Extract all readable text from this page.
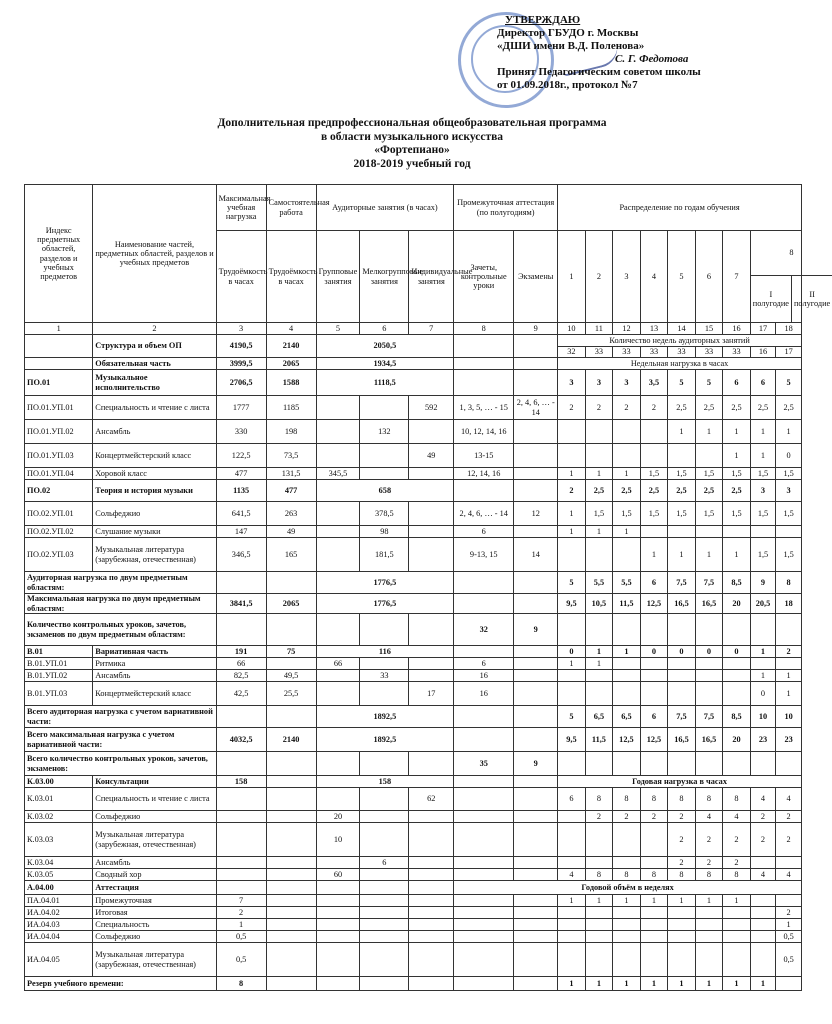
УТВЕРЖДАЮ
Директор ГБУДО г. Москвы
«ДШИ имени В.Д. Поленова»
С. Г. Федотова
Принят Педагогическим советом школы
от 01.09.2018г., протокол №7
Дополнительная предпрофессиональная общеобразовательная программа
в области музыкального искусства
«Фортепиано»
2018-2019 учебный год
Индекс предметных областей, разделов и учебных предметов	Наименование частей, предметных областей, разделов и учебных предметов	Максимальная учебная нагрузка	Самостоятельная работа	Аудиторные занятия (в часах)	Промежуточная аттестация (по полугодиям)	Распределение по годам обучения
Трудоёмкость в часах	Трудоёмкость в часах	Групповые занятия	Мелкогрупповые занятия	Индивидуальные занятия	Зачеты, контрольные уроки	Экзамены	1	2	3	4	5	6	7	
8
I полугодие	II полугодие

1	2	3	4	5	6	7	8	9	10	11	12	13	14	15	16	17	18
	Структура и объем ОП	4190,5	2140	2050,5			Количество недель аудиторных занятий
32	33	33	33	33	33	33	16	17
	Обязательная часть	3999,5	2065	1934,5			Недельная нагрузка в часах
ПО.01	Музыкальное исполнительство	2706,5	1588	1118,5			3	3	3	3,5	5	5	6	6	5
ПО.01.УП.01	Специальность и чтение с листа	1777	1185			592	1, 3, 5, … - 15	2, 4, 6, … - 14	2	2	2	2	2,5	2,5	2,5	2,5	2,5
ПО.01.УП.02	Ансамбль	330	198		132		10, 12, 14, 16						1	1	1	1	1
ПО.01.УП.03	Концертмейстерский класс	122,5	73,5			49	13-15								1	1	0
ПО.01.УП.04	Хоровой класс	477	131,5	345,5			12, 14, 16		1	1	1	1,5	1,5	1,5	1,5	1,5	1,5
ПО.02	Теория и история музыки	1135	477	658			2	2,5	2,5	2,5	2,5	2,5	2,5	3	3
ПО.02.УП.01	Сольфеджио	641,5	263		378,5		2, 4, 6, … - 14	12	1	1,5	1,5	1,5	1,5	1,5	1,5	1,5	1,5
ПО.02.УП.02	Слушание музыки	147	49		98		6		1	1	1						
ПО.02.УП.03	Музыкальная литература (зарубежная, отечественная)	346,5	165		181,5		9-13, 15	14				1	1	1	1	1,5	1,5
Аудиторная нагрузка по двум предметным областям:			1776,5			5	5,5	5,5	6	7,5	7,5	8,5	9	8
Максимальная нагрузка по двум предметным областям:	3841,5	2065	1776,5			9,5	10,5	11,5	12,5	16,5	16,5	20	20,5	18
Количество контрольных уроков, зачетов, экзаменов по двум предметным областям:						32	9									
В.01	Вариативная часть	191	75	116			0	1	1	0	0	0	0	1	2
В.01.УП.01	Ритмика	66		66			6		1	1							
В.01.УП.02	Ансамбль	82,5	49,5		33		16									1	1
В.01.УП.03	Концертмейстерский класс	42,5	25,5			17	16									0	1
Всего аудиторная нагрузка с учетом вариативной части:			1892,5			5	6,5	6,5	6	7,5	7,5	8,5	10	10
Всего максимальная нагрузка с учетом вариативной части:	4032,5	2140	1892,5			9,5	11,5	12,5	12,5	16,5	16,5	20	23	23
Всего количество контрольных уроков, зачетов, экзаменов:						35	9									
К.03.00	Консультации	158		158			Годовая нагрузка в часах
К.03.01	Специальность и чтение с листа					62			6	8	8	8	8	8	8	4	4
К.03.02	Сольфеджио			20						2	2	2	2	4	4	2	2
К.03.03	Музыкальная литература (зарубежная, отечественная)			10									2	2	2	2	2
К.03.04	Ансамбль				6								2	2	2		
К.03.05	Сводный хор			60					4	8	8	8	8	8	8	4	4
А.04.00	Аттестация						Годовой объём в неделях
ПА.04.01	Промежуточная	7							1	1	1	1	1	1	1		
ИА.04.02	Итоговая	2															2
ИА.04.03	Специальность	1															1
ИА.04.04	Сольфеджио	0,5															0,5
ИА.04.05	Музыкальная литература (зарубежная, отечественная)	0,5															0,5
Резерв учебного времени:	8							1	1	1	1	1	1	1	1	
